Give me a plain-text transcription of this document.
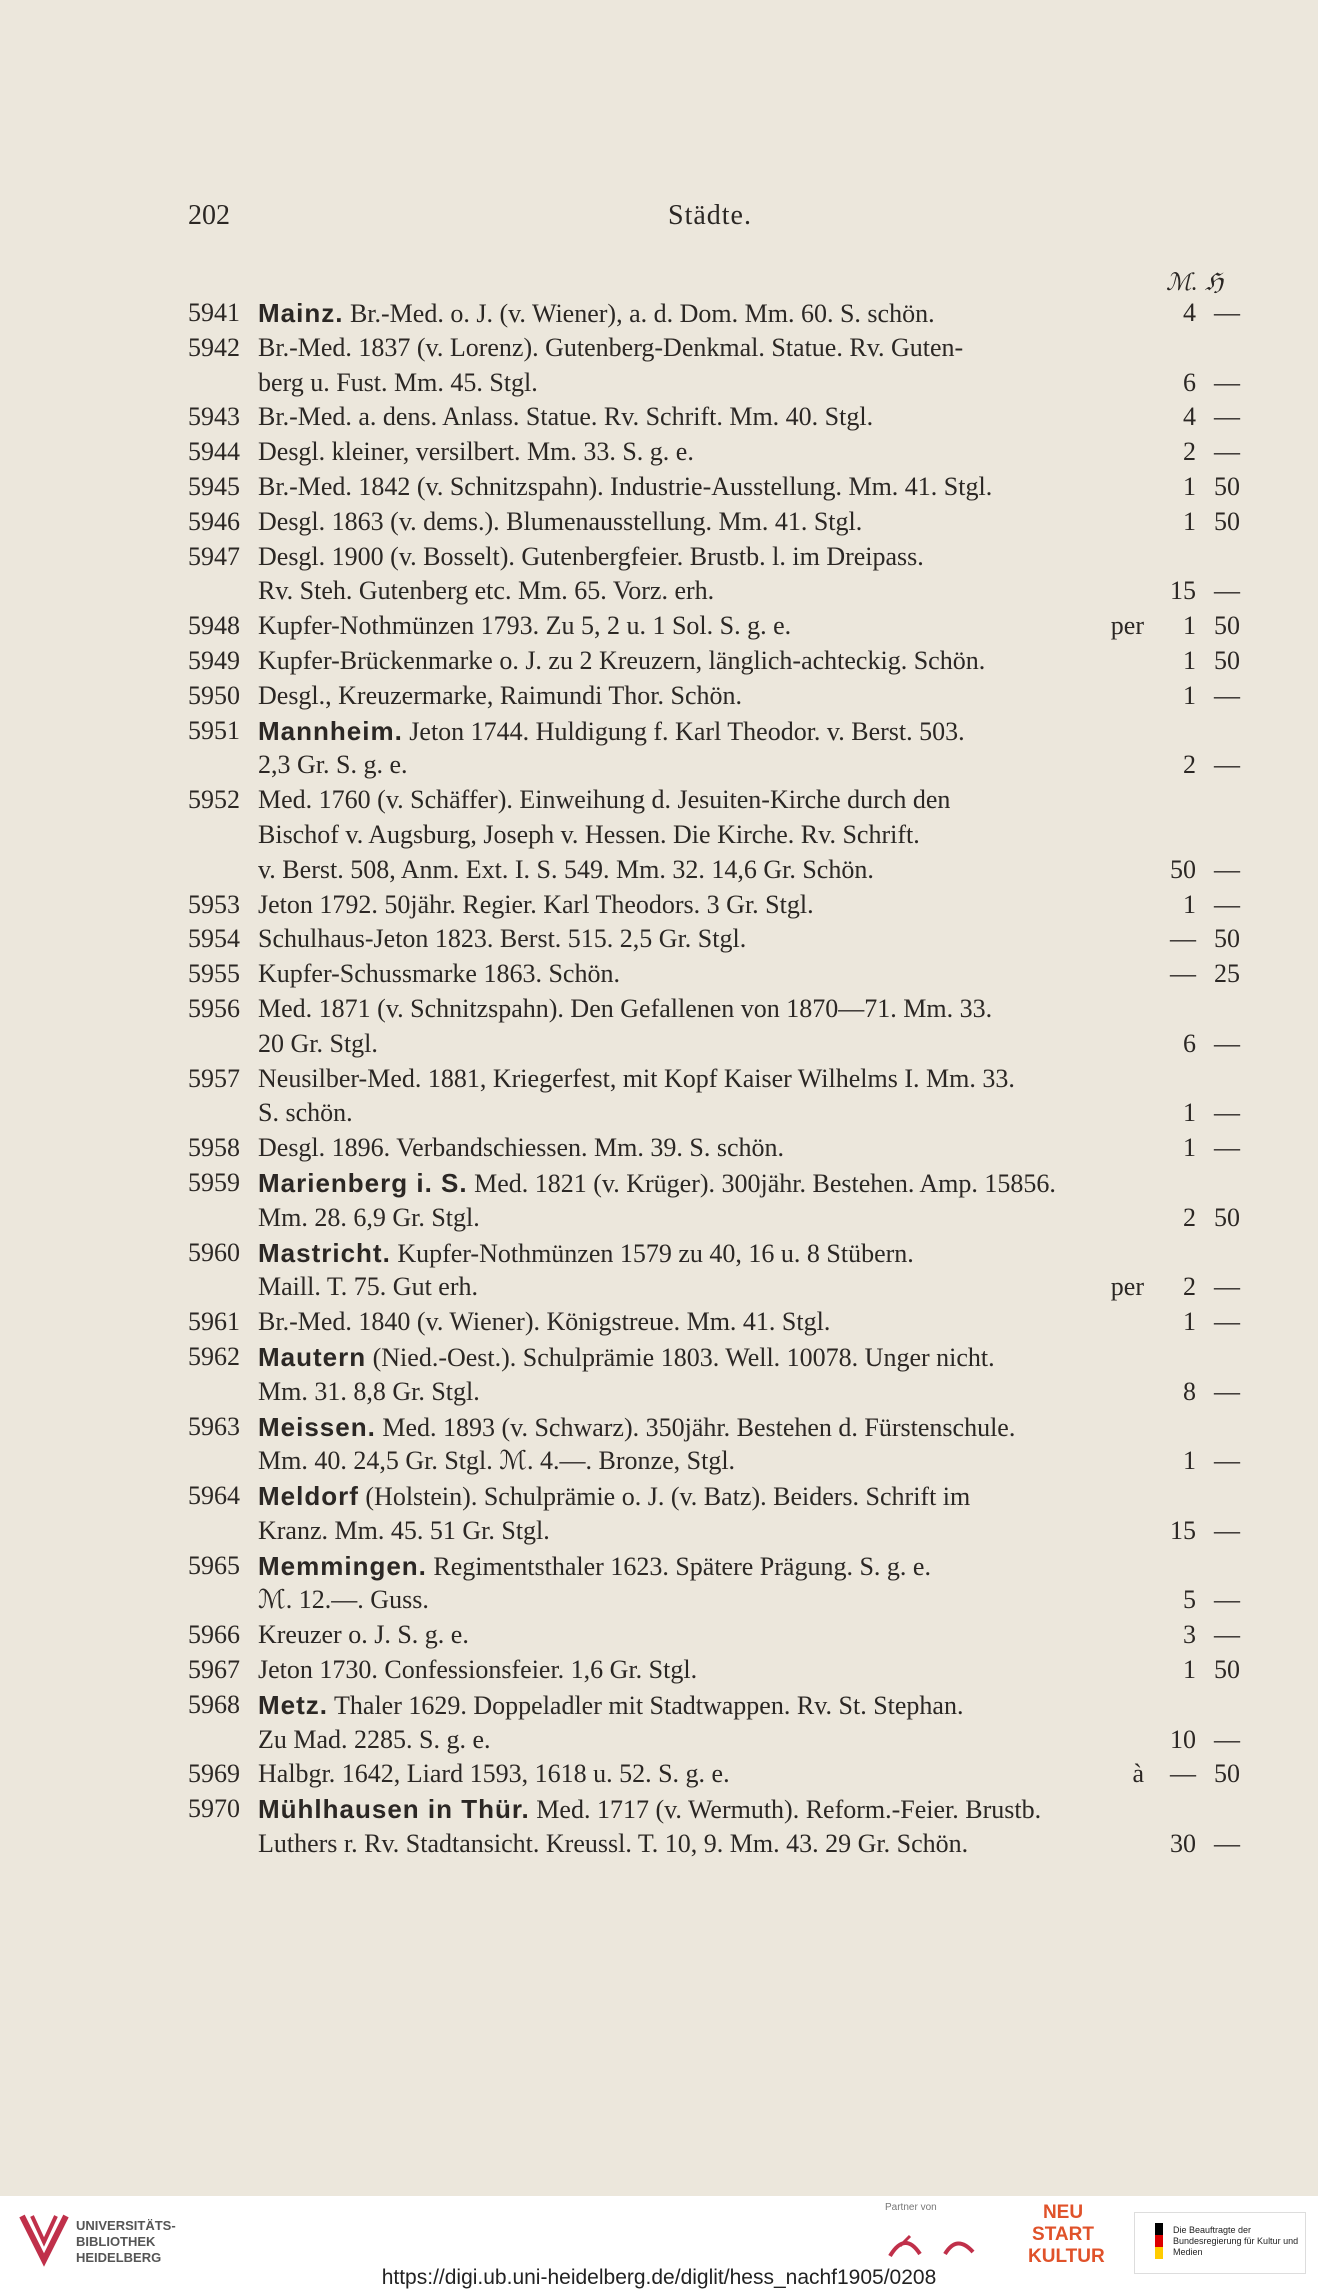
202	Städte.
ℳ. ℌ
5941 Mainz. Br.-Med. o. J. (v. Wiener), a. d. Dom. Mm. 60. S. schön.	4 —
5942 Br.-Med. 1837 (v. Lorenz). Gutenberg-Denkmal. Statue. Rv. Guten-
berg u. Fust. Mm. 45. Stgl.	6 —
5943 Br.-Med. a. dens. Anlass. Statue. Rv. Schrift. Mm. 40. Stgl.	4 —
5944 Desgl. kleiner, versilbert. Mm. 33. S. g. e.	2 —
5945 Br.-Med. 1842 (v. Schnitzspahn). Industrie-Ausstellung. Mm. 41. Stgl.	1 50
5946 Desgl. 1863 (v. dems.). Blumenausstellung. Mm. 41. Stgl.	1 50
5947 Desgl. 1900 (v. Bosselt). Gutenbergfeier. Brustb. l. im Dreipass.
Rv. Steh. Gutenberg etc. Mm. 65. Vorz. erh.	15 —
5948 Kupfer-Nothmünzen 1793. Zu 5, 2 u. 1 Sol. S. g. e.	per	1 50
5949 Kupfer-Brückenmarke o. J. zu 2 Kreuzern, länglich-achteckig. Schön.	1 50
5950 Desgl., Kreuzermarke, Raimundi Thor. Schön.	1 —
5951 Mannheim. Jeton 1744. Huldigung f. Karl Theodor. v. Berst. 503.
2,3 Gr. S. g. e.	2 —
5952 Med. 1760 (v. Schäffer). Einweihung d. Jesuiten-Kirche durch den
Bischof v. Augsburg, Joseph v. Hessen. Die Kirche. Rv. Schrift.
v. Berst. 508, Anm. Ext. I. S. 549. Mm. 32. 14,6 Gr. Schön.	50 —
5953 Jeton 1792. 50jähr. Regier. Karl Theodors. 3 Gr. Stgl.	1 —
5954 Schulhaus-Jeton 1823. Berst. 515. 2,5 Gr. Stgl.	— 50
5955 Kupfer-Schussmarke 1863. Schön.	— 25
5956 Med. 1871 (v. Schnitzspahn). Den Gefallenen von 1870—71. Mm. 33.
20 Gr. Stgl.	6 —
5957 Neusilber-Med. 1881, Kriegerfest, mit Kopf Kaiser Wilhelms I. Mm. 33.
S. schön.	1 —
5958 Desgl. 1896. Verbandschiessen. Mm. 39. S. schön.	1 —
5959 Marienberg i. S. Med. 1821 (v. Krüger). 300jähr. Bestehen. Amp. 15856.
Mm. 28. 6,9 Gr. Stgl.	2 50
5960 Mastricht. Kupfer-Nothmünzen 1579 zu 40, 16 u. 8 Stübern.
Maill. T. 75. Gut erh.	per	2 —
5961 Br.-Med. 1840 (v. Wiener). Königstreue. Mm. 41. Stgl.	1 —
5962 Mautern (Nied.-Oest.). Schulprämie 1803. Well. 10078. Unger nicht.
Mm. 31. 8,8 Gr. Stgl.	8 —
5963 Meissen. Med. 1893 (v. Schwarz). 350jähr. Bestehen d. Fürstenschule.
Mm. 40. 24,5 Gr. Stgl. ℳ. 4.—. Bronze, Stgl.	1 —
5964 Meldorf (Holstein). Schulprämie o. J. (v. Batz). Beiders. Schrift im
Kranz. Mm. 45. 51 Gr. Stgl.	15 —
5965 Memmingen. Regimentsthaler 1623. Spätere Prägung. S. g. e.
ℳ. 12.—. Guss.	5 —
5966 Kreuzer o. J. S. g. e.	3 —
5967 Jeton 1730. Confessionsfeier. 1,6 Gr. Stgl.	1 50
5968 Metz. Thaler 1629. Doppeladler mit Stadtwappen. Rv. St. Stephan.
Zu Mad. 2285. S. g. e.	10 —
5969 Halbgr. 1642, Liard 1593, 1618 u. 52. S. g. e.	à	— 50
5970 Mühlhausen in Thür. Med. 1717 (v. Wermuth). Reform.-Feier. Brustb.
Luthers r. Rv. Stadtansicht. Kreussl. T. 10, 9. Mm. 43. 29 Gr. Schön.	30 —
UNIVERSITÄTS-
BIBLIOTHEK
HEIDELBERG
Partner von	NEU
START
KULTUR
Die Beauftragte der Bundesregierung für Kultur und Medien
https://digi.ub.uni-heidelberg.de/diglit/hess_nachf1905/0208
